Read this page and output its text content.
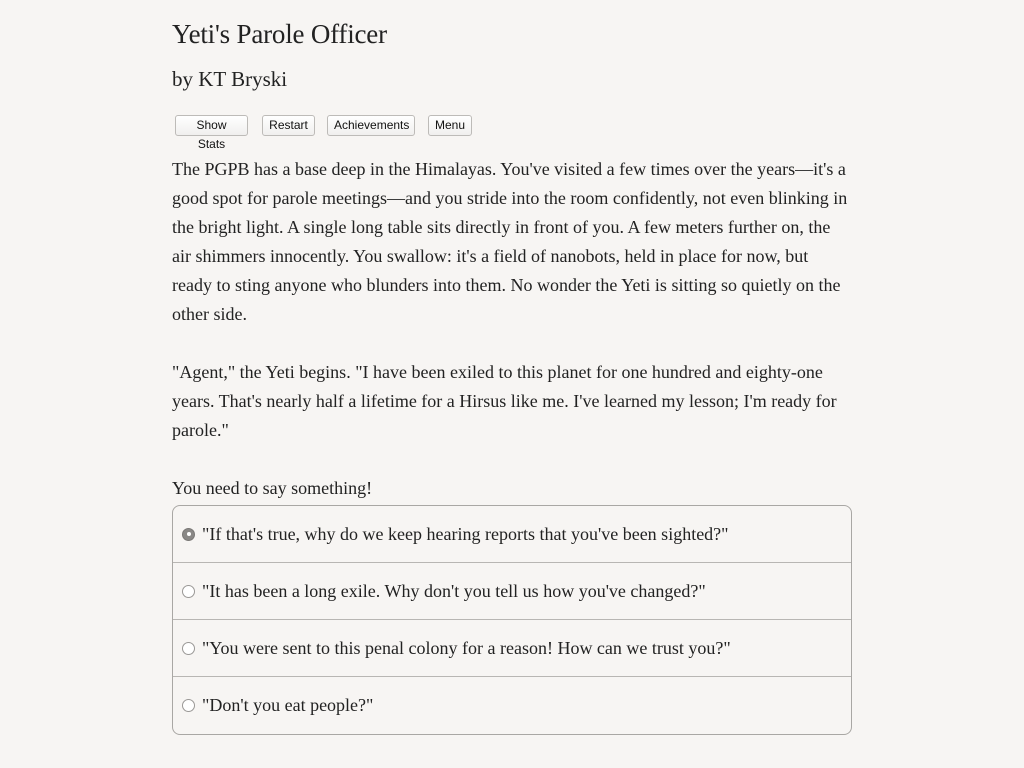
Yeti's Parole Officer
by KT Bryski
Show Stats
Restart	Achievements	Menu

The PGPB has a base deep in the Himalayas. You've visited a few times over the years—it's a good spot for parole meetings—and you stride into the room confidently, not even blinking in the bright light. A single long table sits directly in front of you. A few meters further on, the air shimmers innocently. You swallow: it's a field of nanobots, held in place for now, but ready to sting anyone who blunders into them. No wonder the Yeti is sitting so quietly on the other side.

"Agent," the Yeti begins. "I have been exiled to this planet for one hundred and eighty-one years. That's nearly half a lifetime for a Hirsus like me. I've learned my lesson; I'm ready for parole."

You need to say something!

"If that's true, why do we keep hearing reports that you've been sighted?"
"It has been a long exile. Why don't you tell us how you've changed?"
"You were sent to this penal colony for a reason! How can we trust you?"
"Don't you eat people?"
